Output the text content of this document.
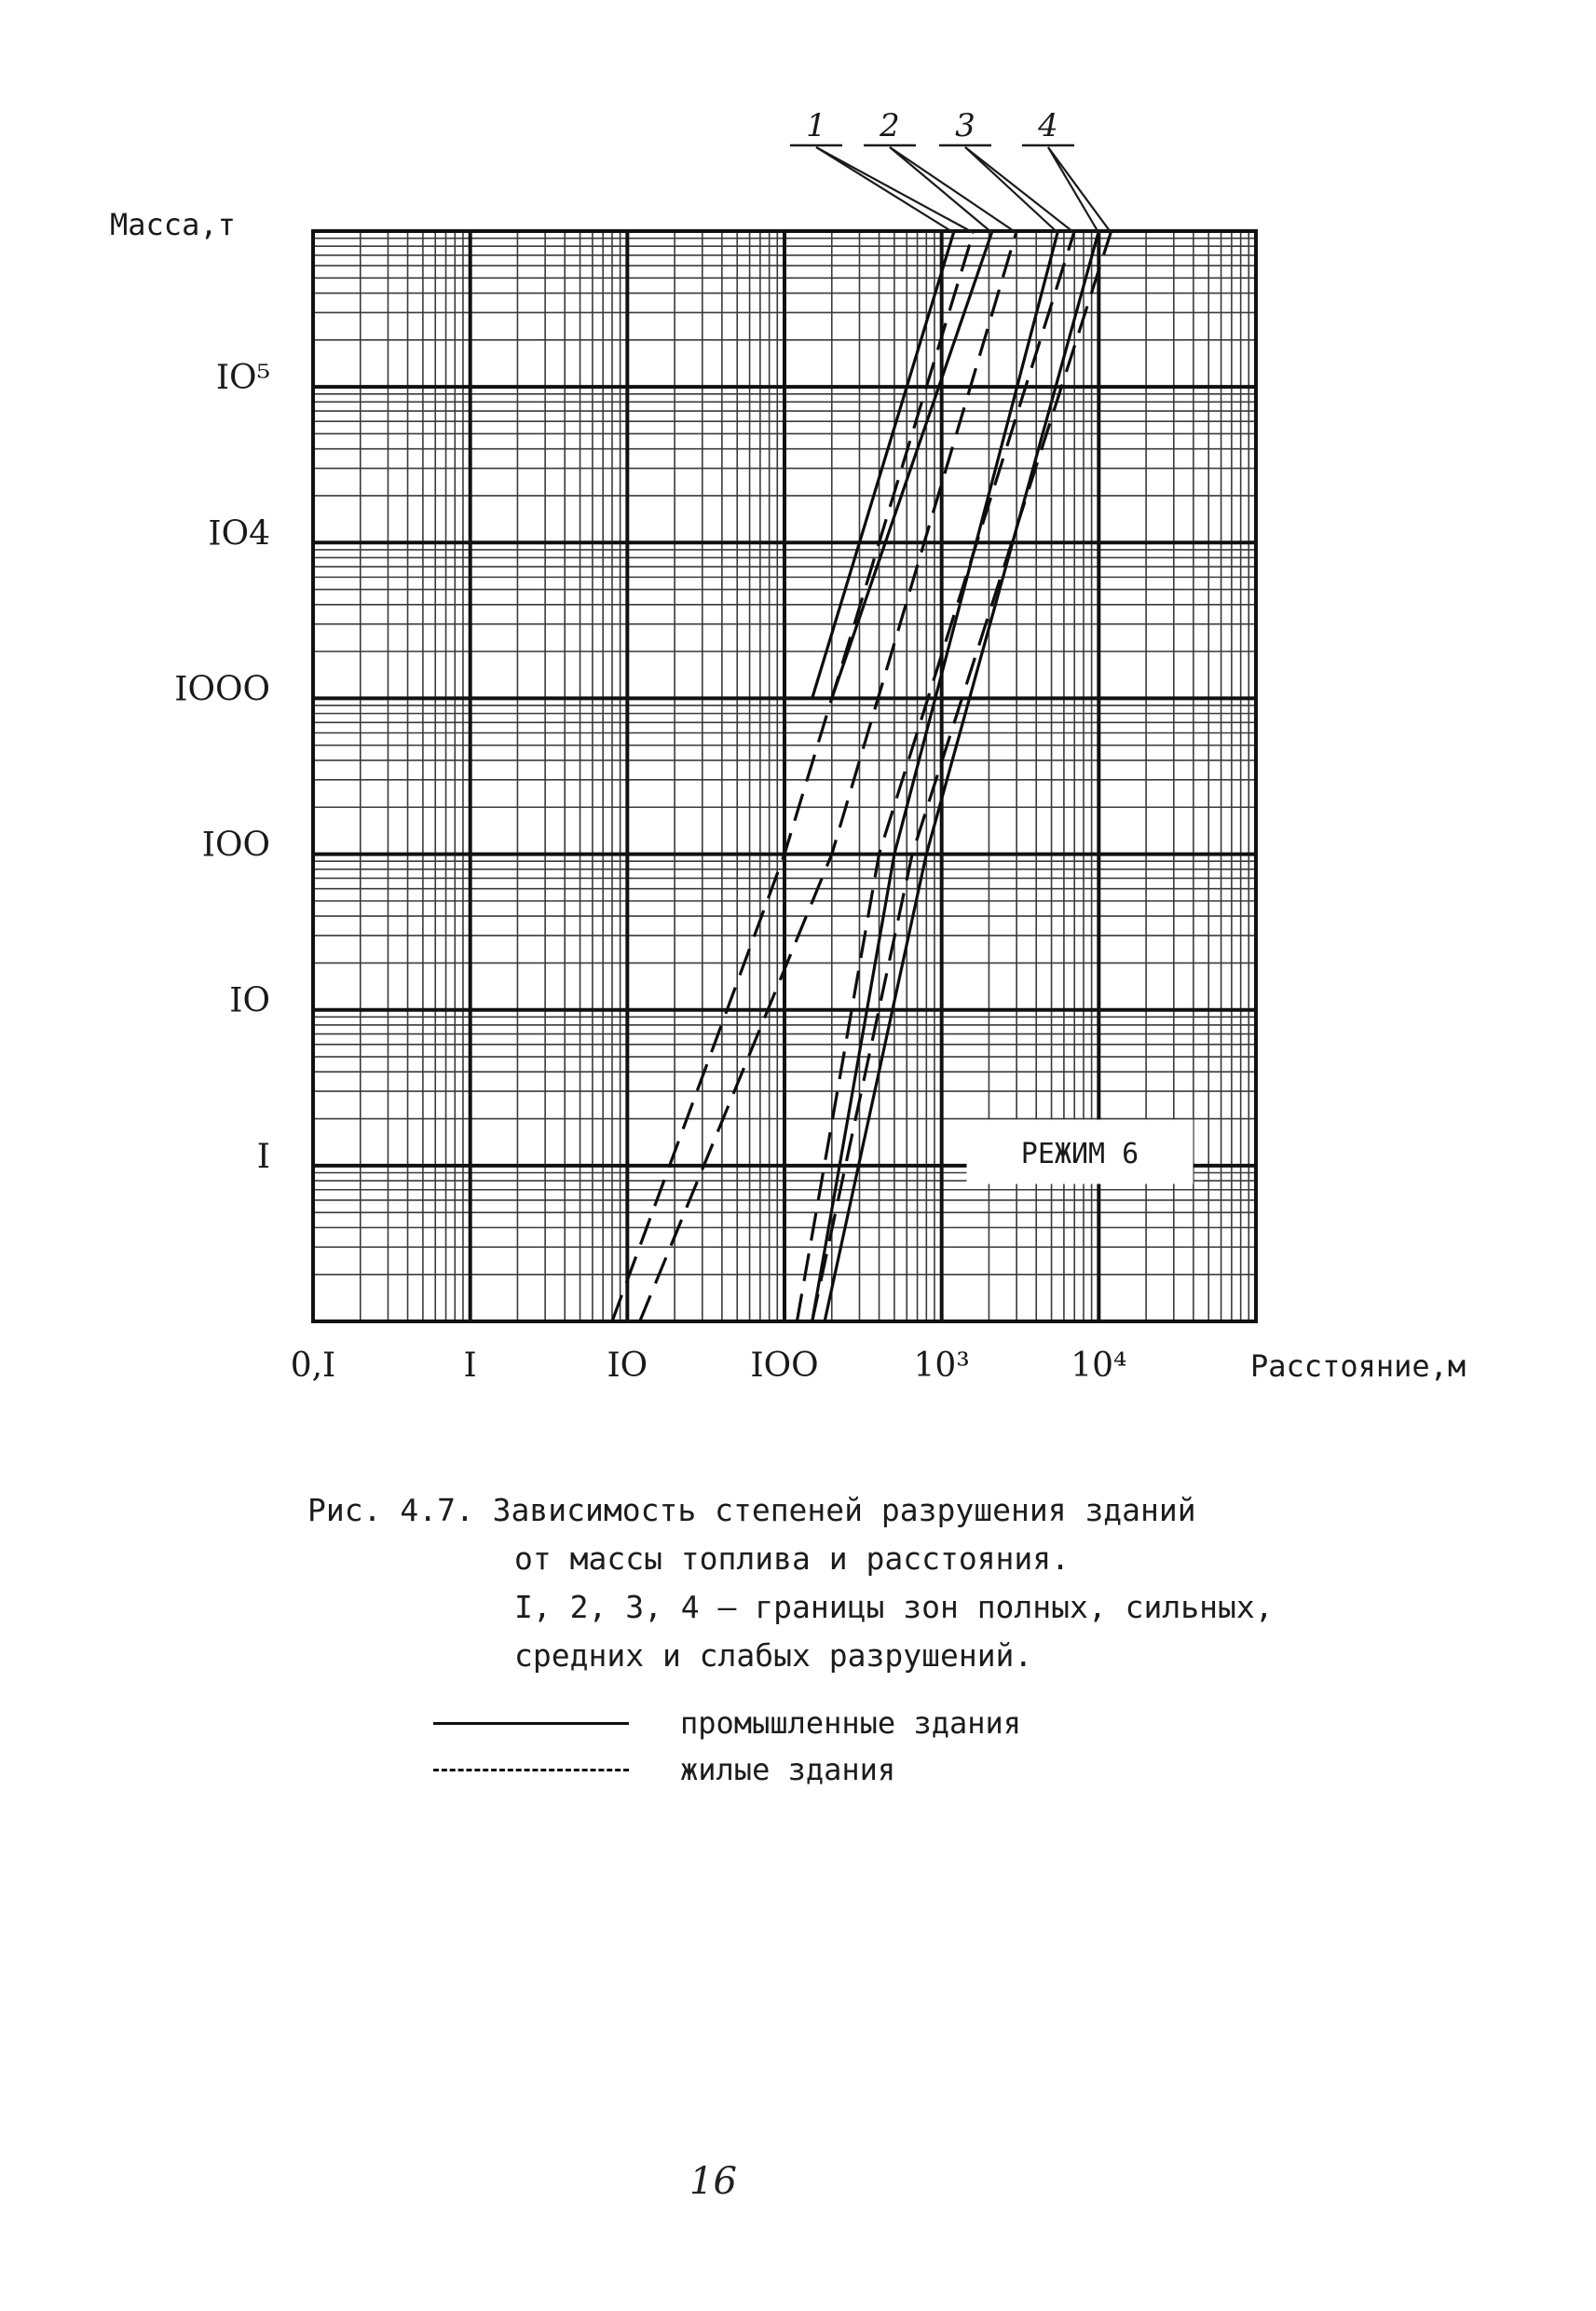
I
IO
IOO
IOOO
IO4
IO⁵
0,I	I	IO	IOO	10³	10⁴
1 2 3 4
Масса,т
Расстояние,м
РЕЖИМ 6
Рис. 4.7. Зависимость степеней разрушения зданий
от массы топлива и расстояния.
I, 2, 3, 4 – границы зон полных, сильных,
средних и слабых разрушений.
промышленные здания
жилые здания
16
